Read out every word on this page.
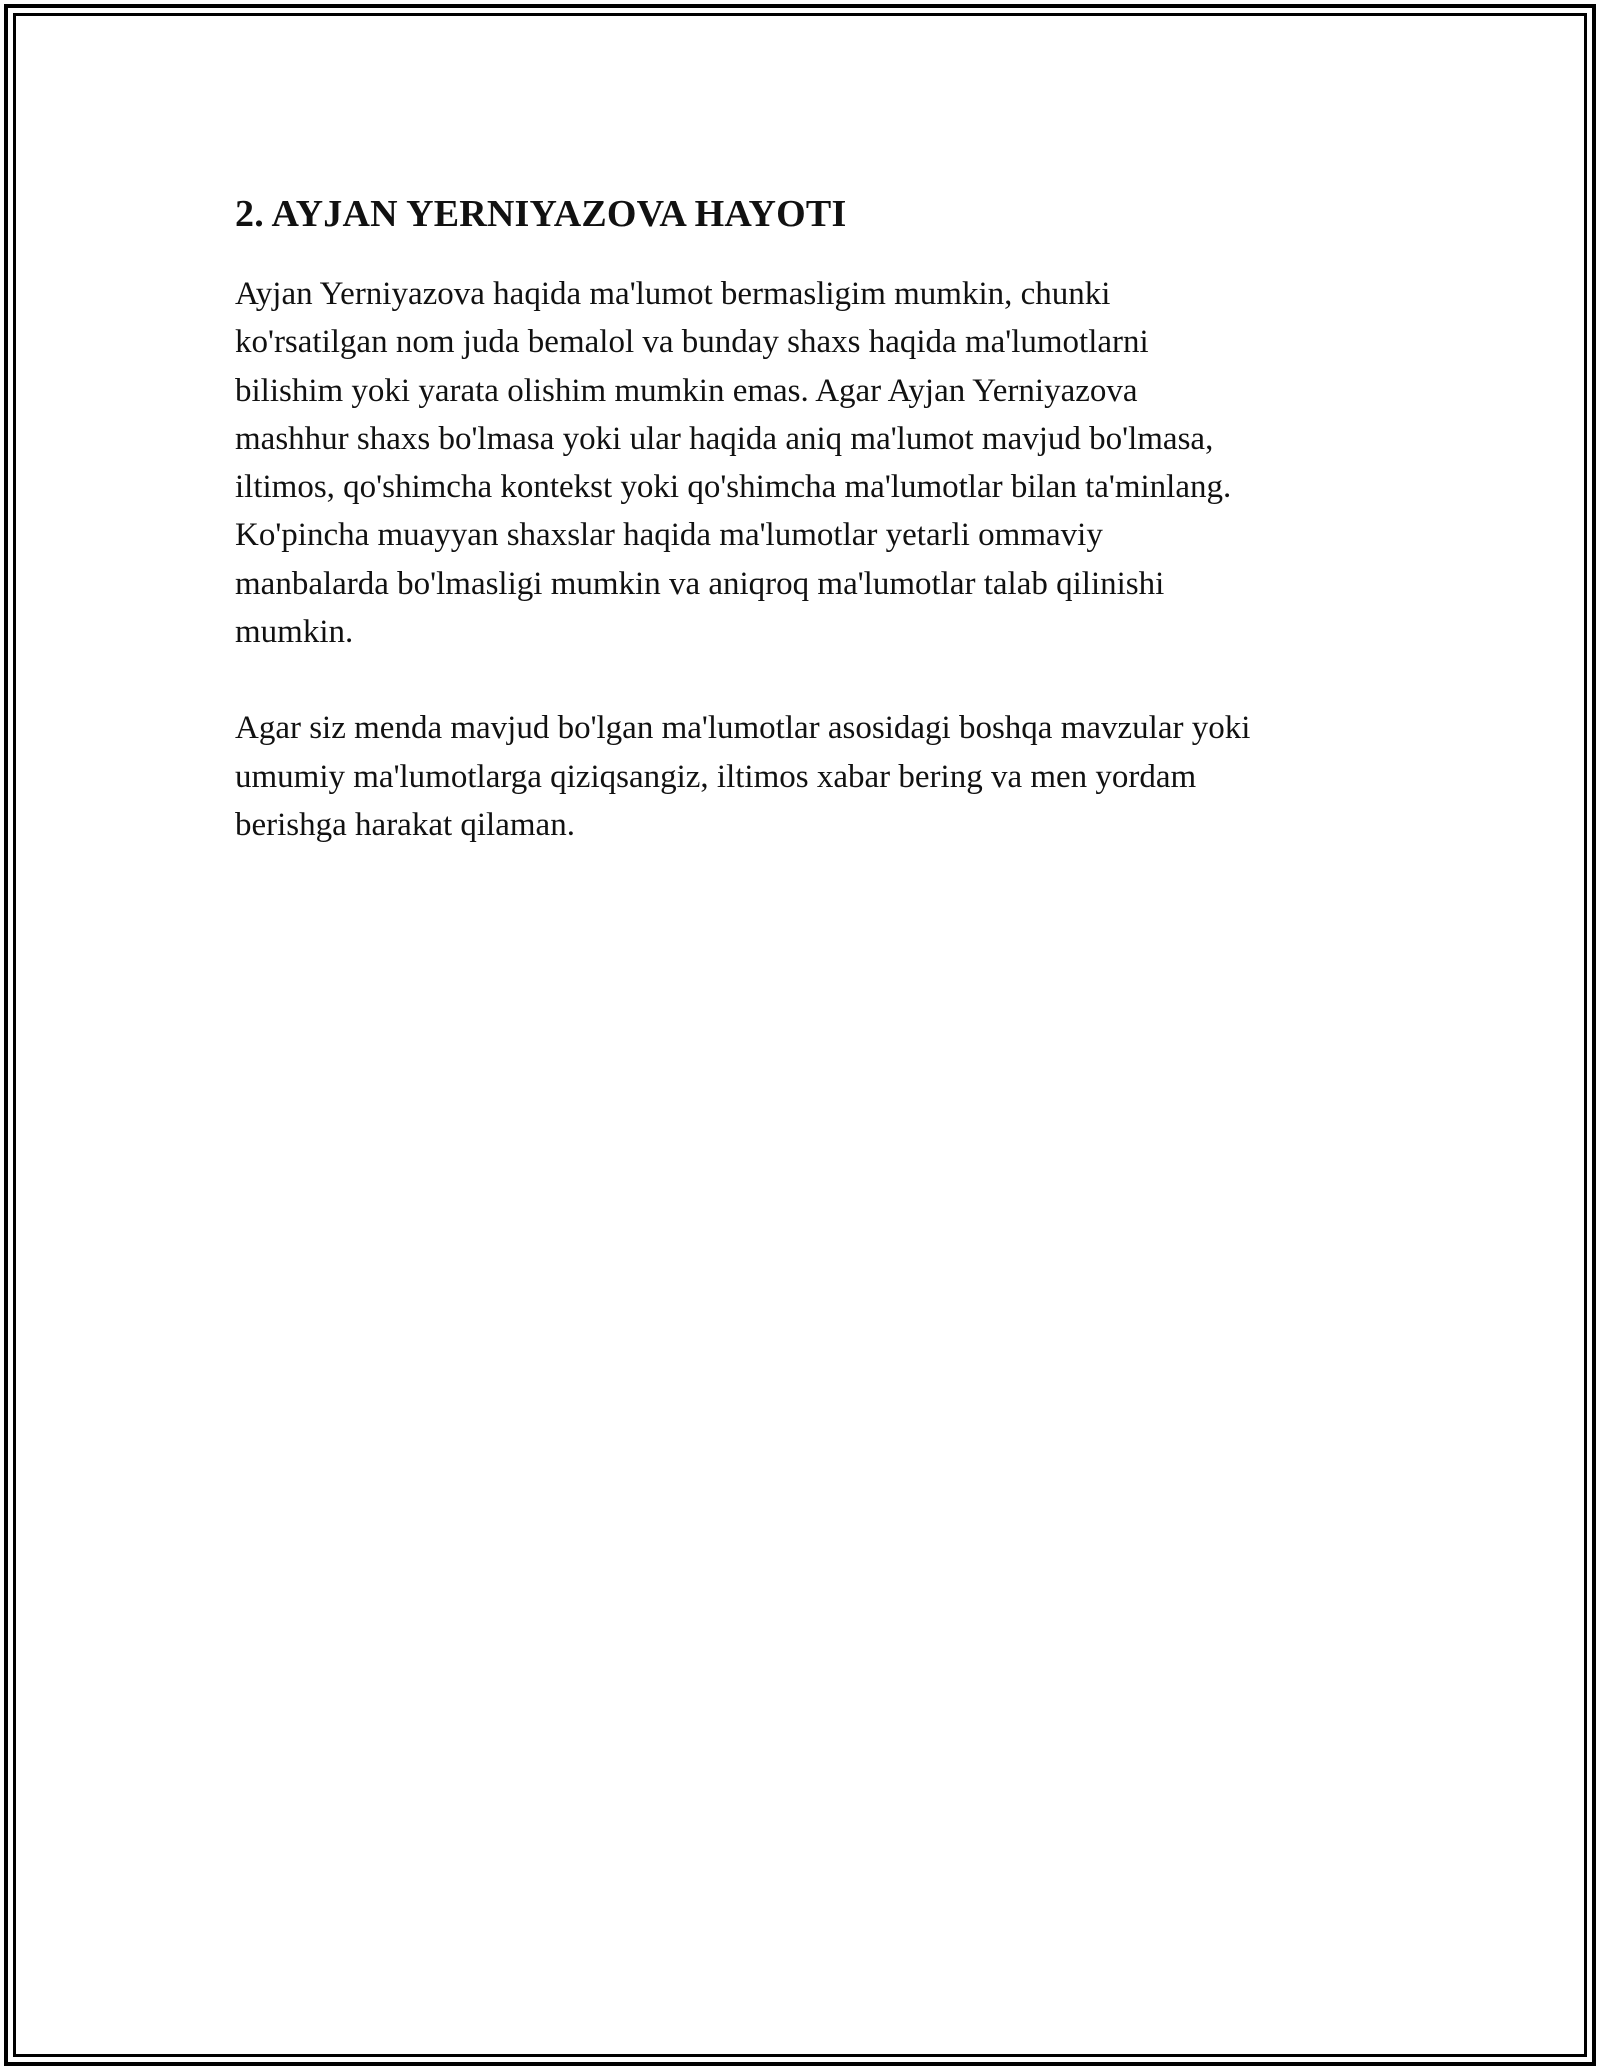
2. AYJAN YERNIYAZOVA HAYOTI

Ayjan Yerniyazova haqida ma'lumot bermasligim mumkin, chunki
ko'rsatilgan nom juda bemalol va bunday shaxs haqida ma'lumotlarni
bilishim yoki yarata olishim mumkin emas. Agar Ayjan Yerniyazova
mashhur shaxs bo'lmasa yoki ular haqida aniq ma'lumot mavjud bo'lmasa,
iltimos, qo'shimcha kontekst yoki qo'shimcha ma'lumotlar bilan ta'minlang.
Ko'pincha muayyan shaxslar haqida ma'lumotlar yetarli ommaviy
manbalarda bo'lmasligi mumkin va aniqroq ma'lumotlar talab qilinishi
mumkin.

Agar siz menda mavjud bo'lgan ma'lumotlar asosidagi boshqa mavzular yoki
umumiy ma'lumotlarga qiziqsangiz, iltimos xabar bering va men yordam
berishga harakat qilaman.
